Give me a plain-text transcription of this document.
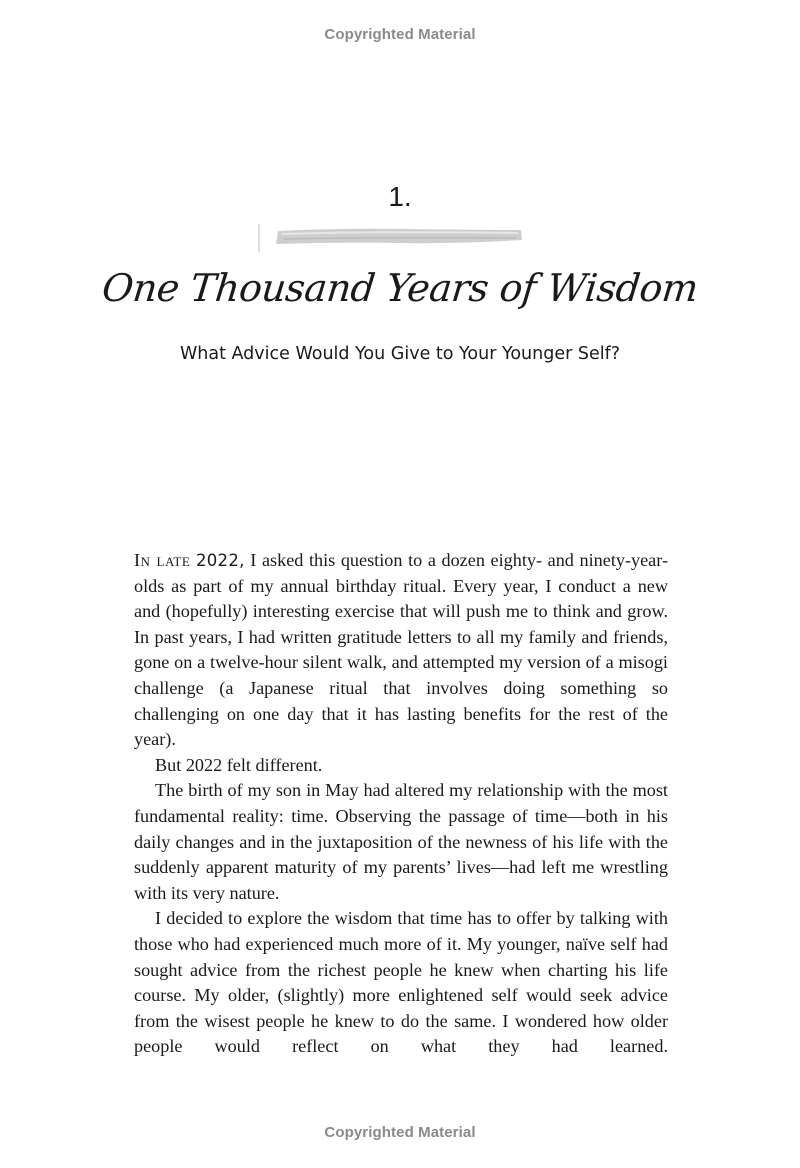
Copyrighted Material
1.
One Thousand Years of Wisdom
What Advice Would You Give to Your Younger Self?

In late 2022, I asked this question to a dozen eighty- and ninety-year-olds as part of my annual birthday ritual. Every year, I conduct a new and (hopefully) interesting exercise that will push me to think and grow. In past years, I had written gratitude letters to all my family and friends, gone on a twelve-hour silent walk, and attempted my version of a misogi challenge (a Japanese ritual that involves doing something so challenging on one day that it has lasting benefits for the rest of the year).

But 2022 felt different.

The birth of my son in May had altered my relationship with the most fundamental reality: time. Observing the passage of time—both in his daily changes and in the juxtaposition of the newness of his life with the suddenly apparent maturity of my parents’ lives—had left me wrestling with its very nature.

I decided to explore the wisdom that time has to offer by talking with those who had experienced much more of it. My younger, naïve self had sought advice from the richest people he knew when charting his life course. My older, (slightly) more enlightened self would seek advice from the wisest people he knew to do the same. I wondered how older people would reflect on what they had learned.

Copyrighted Material
